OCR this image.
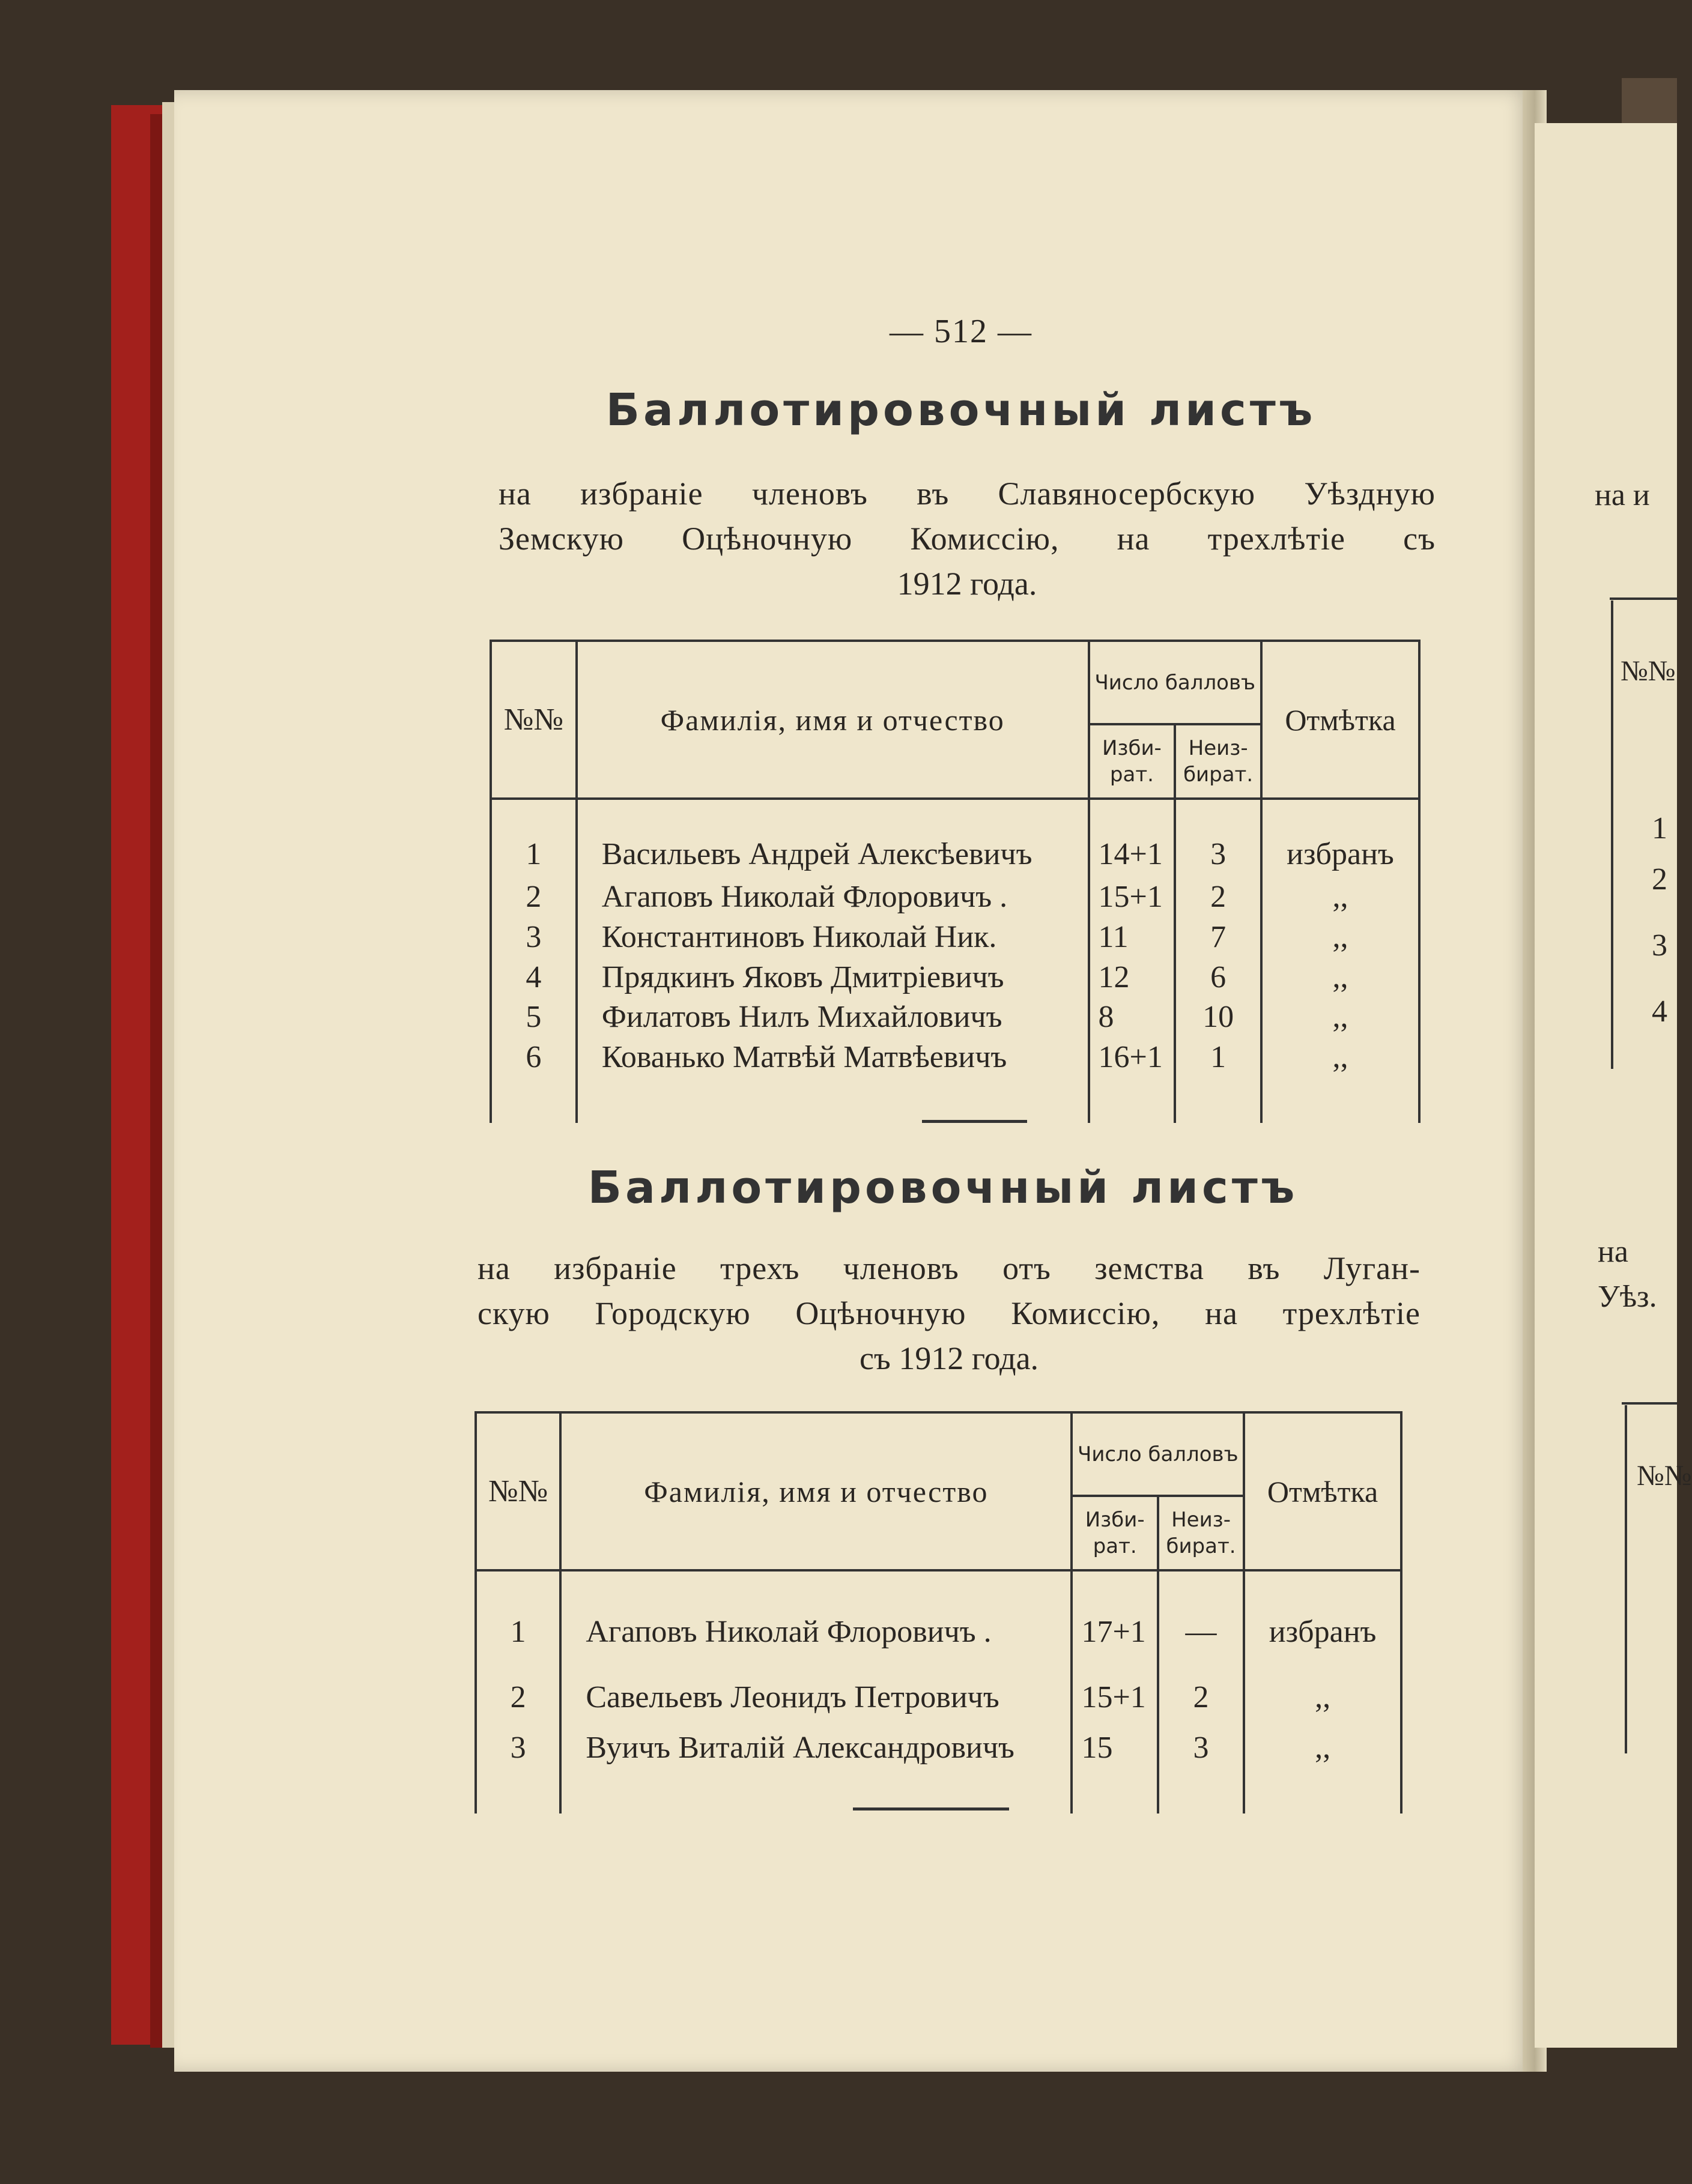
— 512 —
Баллотировочный листъ
на избраніе членовъ въ Славяносербскую Уѣздную
Земскую Оцѣночную Комиссію, на трехлѣтіе съ
1912 года.
№№	Фамилія, имя и отчество	Число балловъ		Отмѣтка
		Изби- рат.	Неиз- бират.	
1	Васильевъ Андрей Алексѣевичъ	14+1	3	избранъ
2	Агаповъ Николай Флоровичъ .	15+1	2	,,
3	Константиновъ Николай Ник.	11	7	,,
4	Прядкинъ Яковъ Дмитріевичъ	12	6	,,
5	Филатовъ Нилъ Михайловичъ	8	10	,,
6	Кованько Матвѣй Матвѣевичъ	16+1	1	,,
Баллотировочный листъ
на избраніе трехъ членовъ отъ земства въ Луган-
скую Городскую Оцѣночную Комиссію, на трехлѣтіе
съ 1912 года.
№№	Фамилія, имя и отчество	Число балловъ		Отмѣтка
		Изби- рат.	Неиз- бират.	
1	Агаповъ Николай Флоровичъ .	17+1	—	избранъ
2	Савельевъ Леонидъ Петровичъ	15+1	2	,,
3	Вуичъ Виталій Александровичъ	15	3	,,
на и
№№
1
2
3
4
на
Уѣз.
№№
